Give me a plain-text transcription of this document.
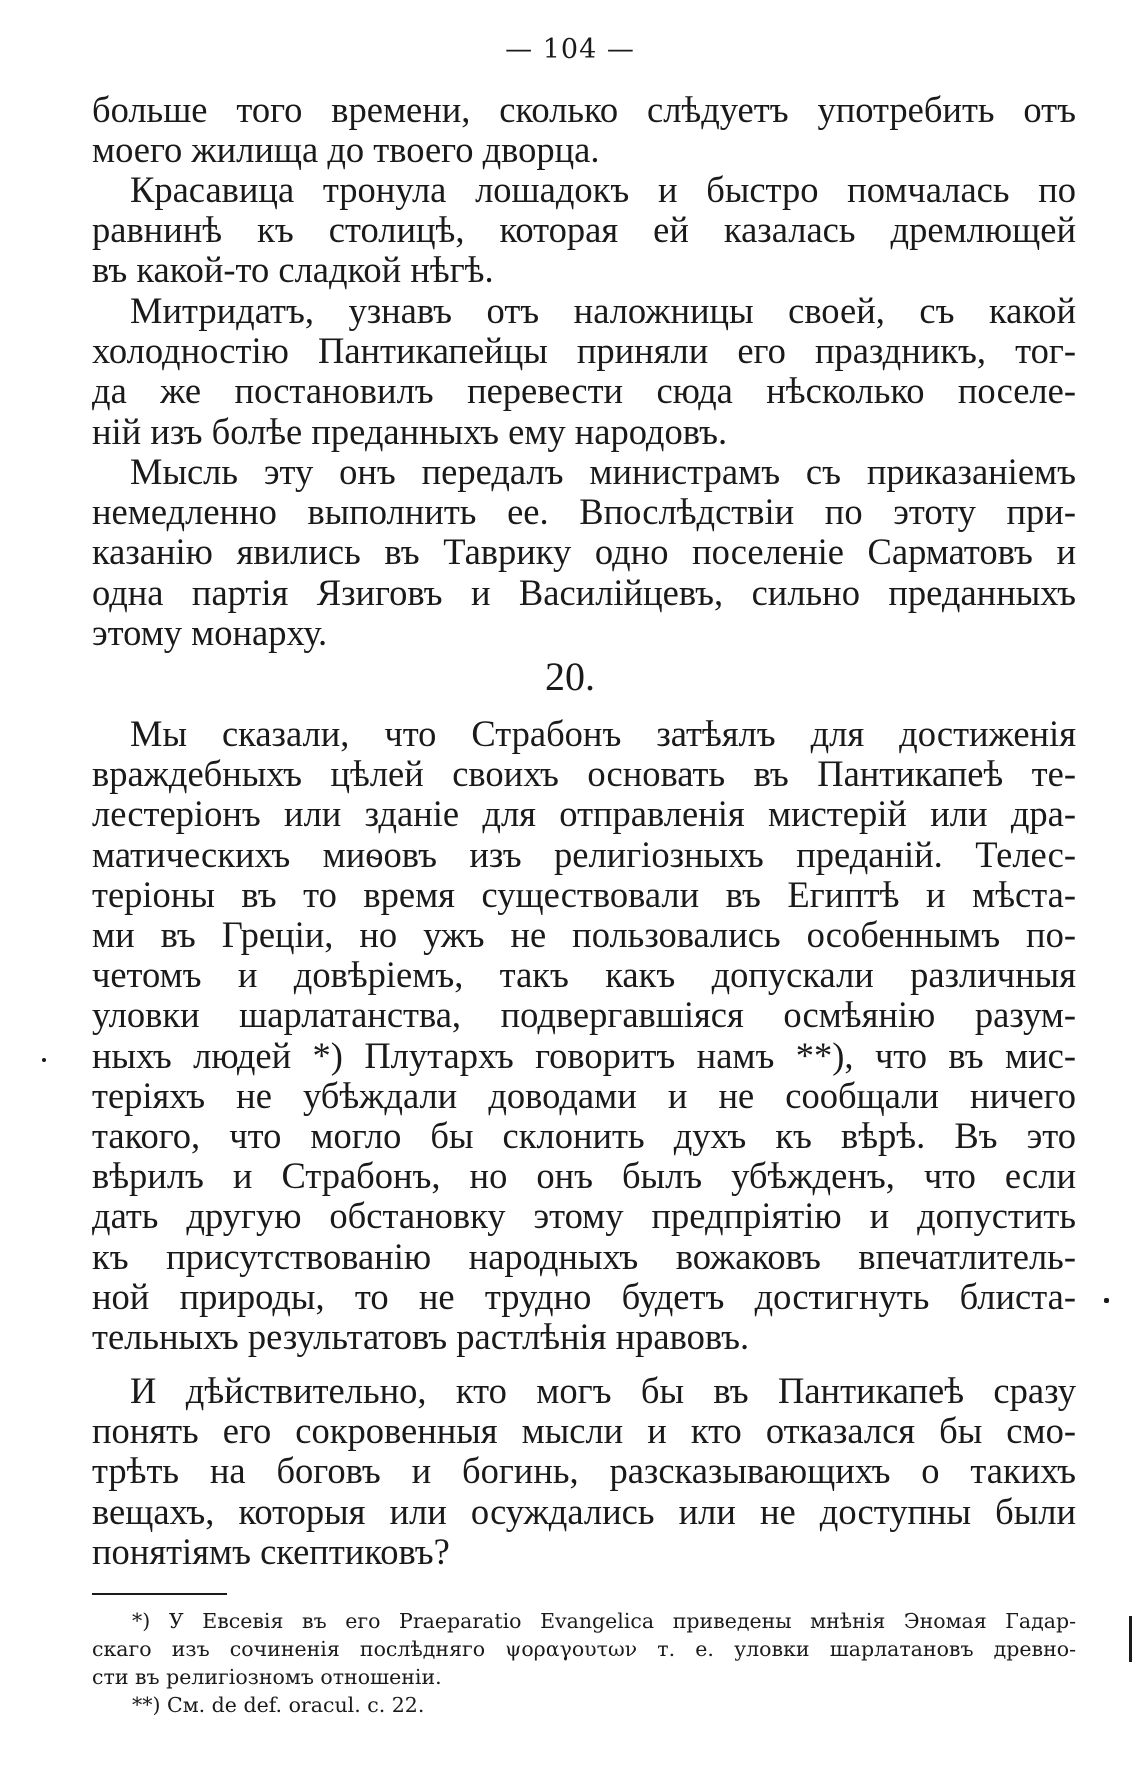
— 104 —
больше того времени, сколько слѣдуетъ употребить отъ
моего жилища до твоего дворца.
Красавица тронула лошадокъ и быстро помчалась по
равнинѣ къ столицѣ, которая ей казалась дремлющей
въ какой-то сладкой нѣгѣ.
Митридатъ, узнавъ отъ наложницы своей, съ какой
холодностію Пантикапейцы приняли его праздникъ, тог-
да же постановилъ перевести сюда нѣсколько поселе-
ній изъ болѣе преданныхъ ему народовъ.
Мысль эту онъ передалъ министрамъ съ приказаніемъ
немедленно выполнить ее. Впослѣдствіи по этоту при-
казанію явились въ Таврику одно поселеніе Сарматовъ и
одна партія Язиговъ и Василійцевъ, сильно преданныхъ
этому монарху.
20.
Мы сказали, что Страбонъ затѣялъ для достиженія
враждебныхъ цѣлей своихъ основать въ Пантикапеѣ те-
лестеріонъ или зданіе для отправленія мистерій или дра-
матическихъ миѳовъ изъ религіозныхъ преданій. Телес-
теріоны въ то время существовали въ Египтѣ и мѣста-
ми въ Греціи, но ужъ не пользовались особеннымъ по-
четомъ и довѣріемъ, такъ какъ допускали различныя
уловки шарлатанства, подвергавшіяся осмѣянію разум-
ныхъ людей *) Плутархъ говоритъ намъ **), что въ мис-
теріяхъ не убѣждали доводами и не сообщали ничего
такого, что могло бы склонить духъ къ вѣрѣ. Въ это
вѣрилъ и Страбонъ, но онъ былъ убѣжденъ, что если
дать другую обстановку этому предпріятію и допустить
къ присутствованію народныхъ вожаковъ впечатлитель-
ной природы, то не трудно будетъ достигнуть блиста-
тельныхъ результатовъ растлѣнія нравовъ.
И дѣйствительно, кто могъ бы въ Пантикапеѣ сразу
понять его сокровенныя мысли и кто отказался бы смо-
трѣть на боговъ и богинь, разсказывающихъ о такихъ
вещахъ, которыя или осуждались или не доступны были
понятіямъ скептиковъ?
*) У Евсевія въ его Praeparatio Evangelica приведены мнѣнія Эномая Гадар-
скаго изъ сочиненія послѣдняго ψοραγουτων т. е. уловки шарлатановъ древно-
сти въ религіозномъ отношеніи.
**) См. de def. oracul. c. 22.
